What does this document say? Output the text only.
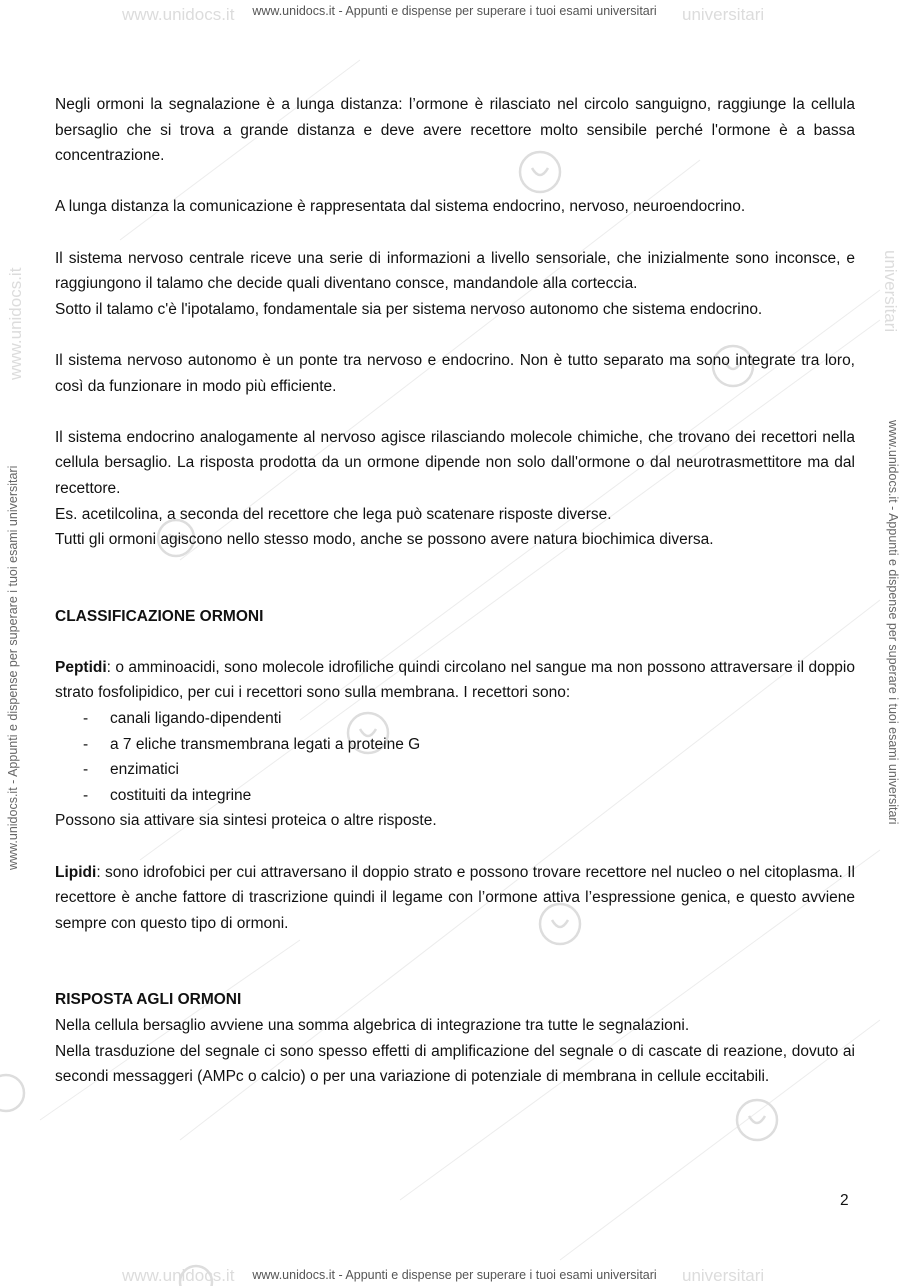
www.unidocs.it www.unidocs.it - Appunti e dispense per superare i tuoi esami universitari universitari
www.unidocs.it
www.unidocs.it - Appunti e dispense per superare i tuoi esami universitari
universitari
www.unidocs.it - Appunti e dispense per superare i tuoi esami universitari

Negli ormoni la segnalazione è a lunga distanza: l’ormone è rilasciato nel circolo sanguigno, raggiunge la cellula bersaglio che si trova a grande distanza e deve avere recettore molto sensibile perché l'ormone è a bassa concentrazione.

A lunga distanza la comunicazione è rappresentata dal sistema endocrino, nervoso, neuroendocrino.

Il sistema nervoso centrale riceve una serie di informazioni a livello sensoriale, che inizialmente sono inconsce, e raggiungono il talamo che decide quali diventano consce, mandandole alla corteccia.

Sotto il talamo c'è l'ipotalamo, fondamentale sia per sistema nervoso autonomo che sistema endocrino.

Il sistema nervoso autonomo è un ponte tra nervoso e endocrino. Non è tutto separato ma sono integrate tra loro, così da funzionare in modo più efficiente.

Il sistema endocrino analogamente al nervoso agisce rilasciando molecole chimiche, che trovano dei recettori nella cellula bersaglio. La risposta prodotta da un ormone dipende non solo dall'ormone o dal neurotrasmettitore ma dal recettore.

Es. acetilcolina, a seconda del recettore che lega può scatenare risposte diverse.

Tutti gli ormoni agiscono nello stesso modo, anche se possono avere natura biochimica diversa.

CLASSIFICAZIONE ORMONI

Peptidi: o amminoacidi, sono molecole idrofiliche quindi circolano nel sangue ma non possono attraversare il doppio strato fosfolipidico, per cui i recettori sono sulla membrana. I recettori sono:

- canali ligando-dipendenti
- a 7 eliche transmembrana legati a proteine G
- enzimatici
- costituiti da integrine

Possono sia attivare sia sintesi proteica o altre risposte.

Lipidi: sono idrofobici per cui attraversano il doppio strato e possono trovare recettore nel nucleo o nel citoplasma. Il recettore è anche fattore di trascrizione quindi il legame con l’ormone attiva l’espressione genica, e questo avviene sempre con questo tipo di ormoni.

RISPOSTA AGLI ORMONI

Nella cellula bersaglio avviene una somma algebrica di integrazione tra tutte le segnalazioni.

Nella trasduzione del segnale ci sono spesso effetti di amplificazione del segnale o di cascate di reazione, dovuto ai secondi messaggeri (AMPc o calcio) o per una variazione di potenziale di membrana in cellule eccitabili.

2
www.unidocs.it www.unidocs.it - Appunti e dispense per superare i tuoi esami universitari universitari
